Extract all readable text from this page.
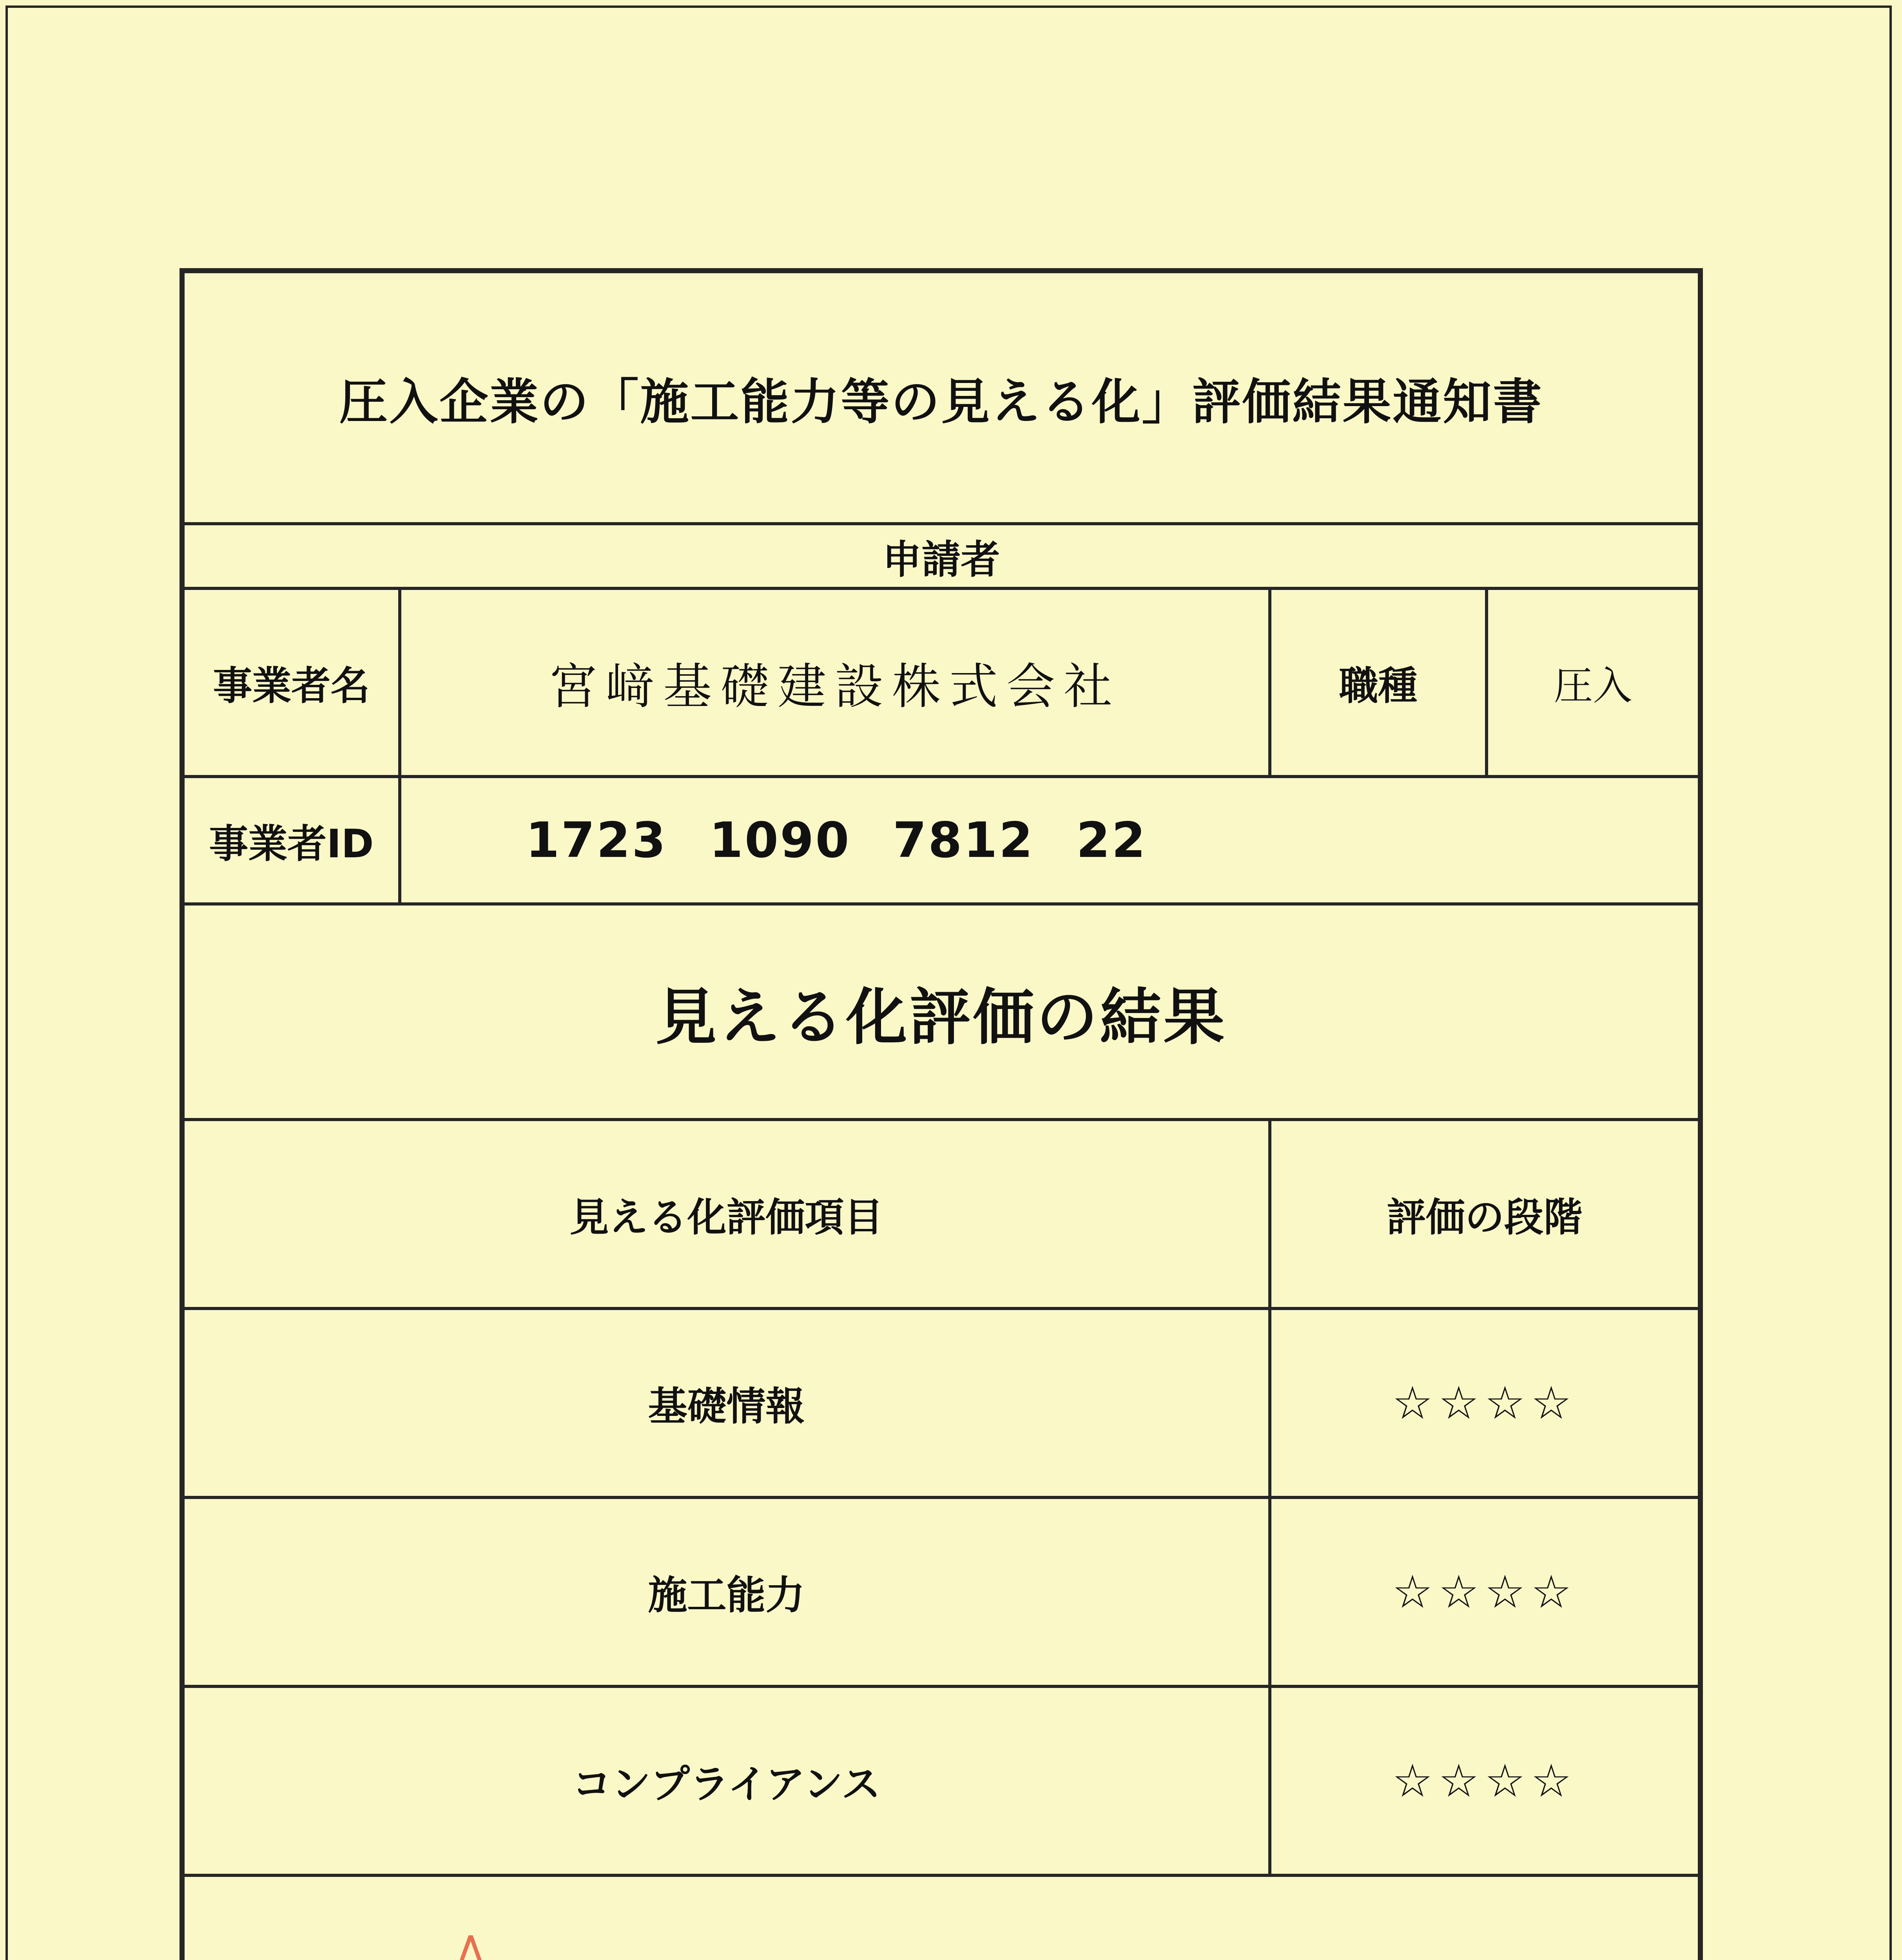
圧入企業の「施工能力等の見える化」評価結果通知書
申請者
事業者名	宮﨑基礎建設株式会社	職種	圧入
事業者ID	1723 1090 7812 22
見える化評価の結果
見える化評価項目	評価の段階
基礎情報	☆☆☆☆
施工能力	☆☆☆☆
コンプライアンス	☆☆☆☆
